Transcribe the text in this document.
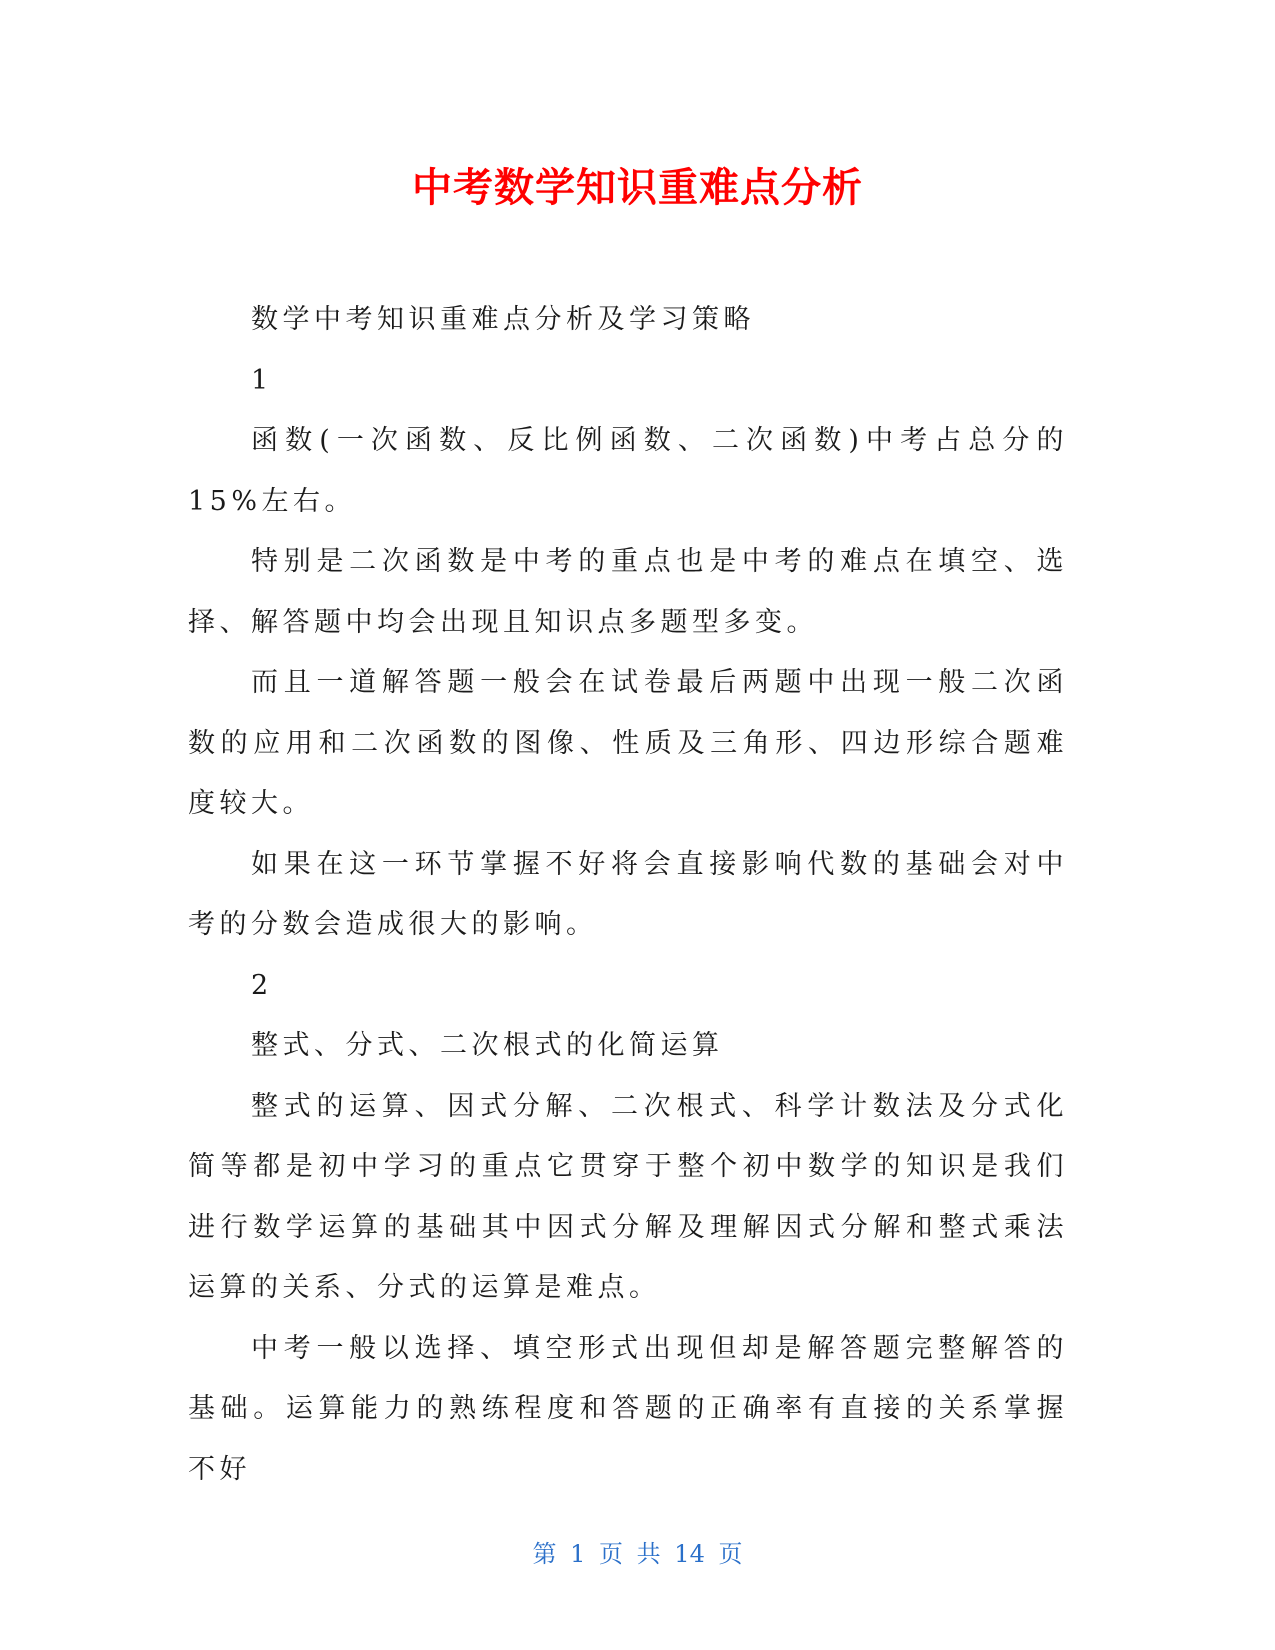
中考数学知识重难点分析

数学中考知识重难点分析及学习策略

1

函数(一次函数、反比例函数、二次函数)中考占总分的15%左右。

特别是二次函数是中考的重点也是中考的难点在填空、选择、解答题中均会出现且知识点多题型多变。

而且一道解答题一般会在试卷最后两题中出现一般二次函数的应用和二次函数的图像、性质及三角形、四边形综合题难度较大。

如果在这一环节掌握不好将会直接影响代数的基础会对中考的分数会造成很大的影响。

2

整式、分式、二次根式的化简运算

整式的运算、因式分解、二次根式、科学计数法及分式化简等都是初中学习的重点它贯穿于整个初中数学的知识是我们进行数学运算的基础其中因式分解及理解因式分解和整式乘法运算的关系、分式的运算是难点。

中考一般以选择、填空形式出现但却是解答题完整解答的基础。运算能力的熟练程度和答题的正确率有直接的关系掌握不好

第 1 页 共 14 页
